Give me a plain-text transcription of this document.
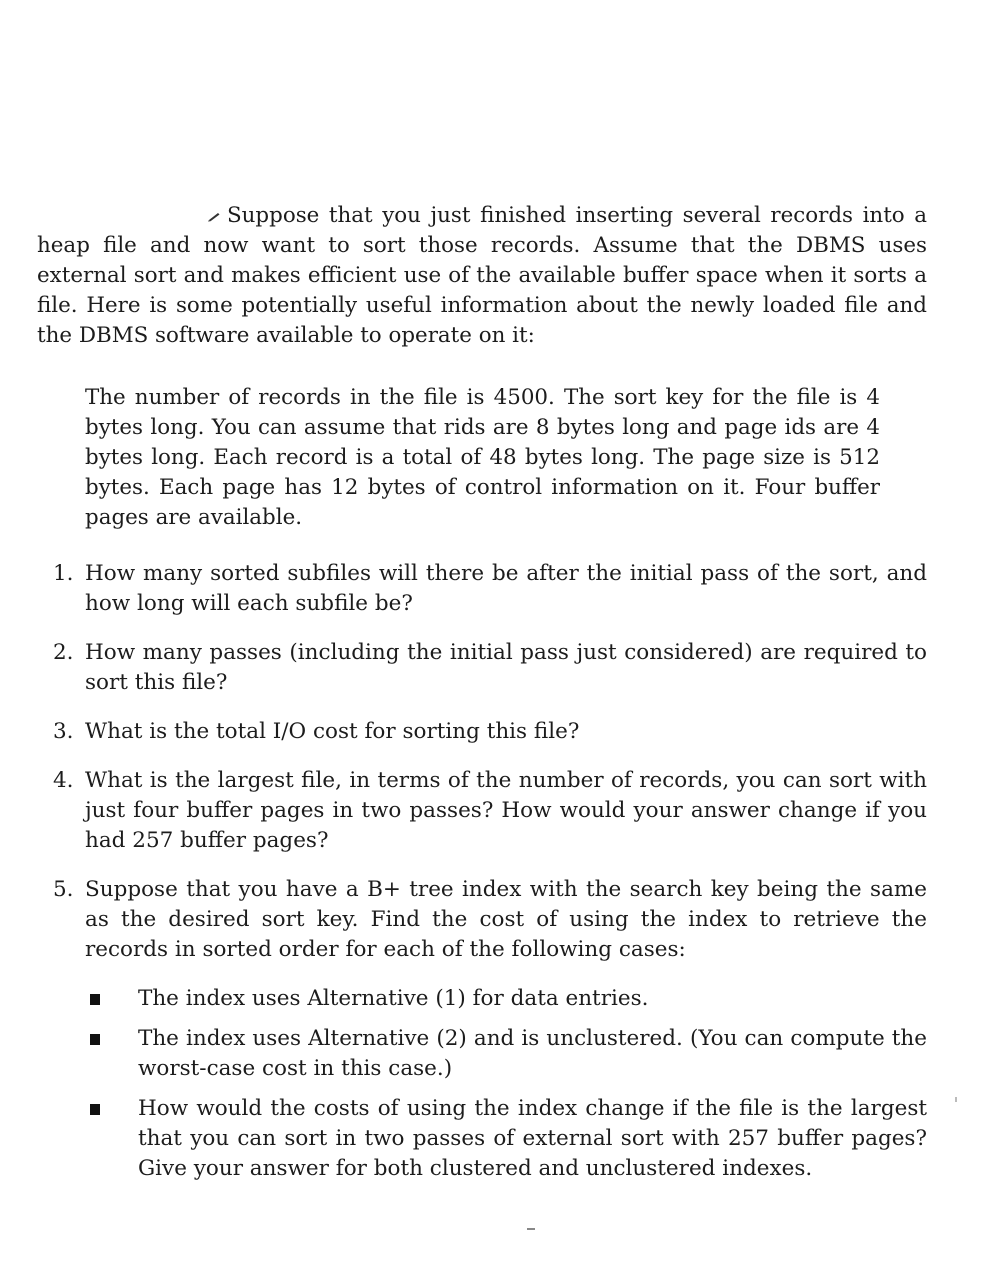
Suppose that you just finished inserting several records into a heap file and now want to sort those records. Assume that the DBMS uses external sort and makes efficient use of the available buffer space when it sorts a file. Here is some potentially useful information about the newly loaded file and the DBMS software available to operate on it:

The number of records in the file is 4500. The sort key for the file is 4 bytes long. You can assume that rids are 8 bytes long and page ids are 4 bytes long. Each record is a total of 48 bytes long. The page size is 512 bytes. Each page has 12 bytes of control information on it. Four buffer pages are available.

1. How many sorted subfiles will there be after the initial pass of the sort, and how long will each subfile be?
2. How many passes (including the initial pass just considered) are required to sort this file?
3. What is the total I/O cost for sorting this file?
4. What is the largest file, in terms of the number of records, you can sort with just four buffer pages in two passes? How would your answer change if you had 257 buffer pages?
5. Suppose that you have a B+ tree index with the search key being the same as the desired sort key. Find the cost of using the index to retrieve the records in sorted order for each of the following cases:
The index uses Alternative (1) for data entries.
The index uses Alternative (2) and is unclustered. (You can compute the worst-case cost in this case.)
How would the costs of using the index change if the file is the largest that you can sort in two passes of external sort with 257 buffer pages? Give your answer for both clustered and unclustered indexes.
